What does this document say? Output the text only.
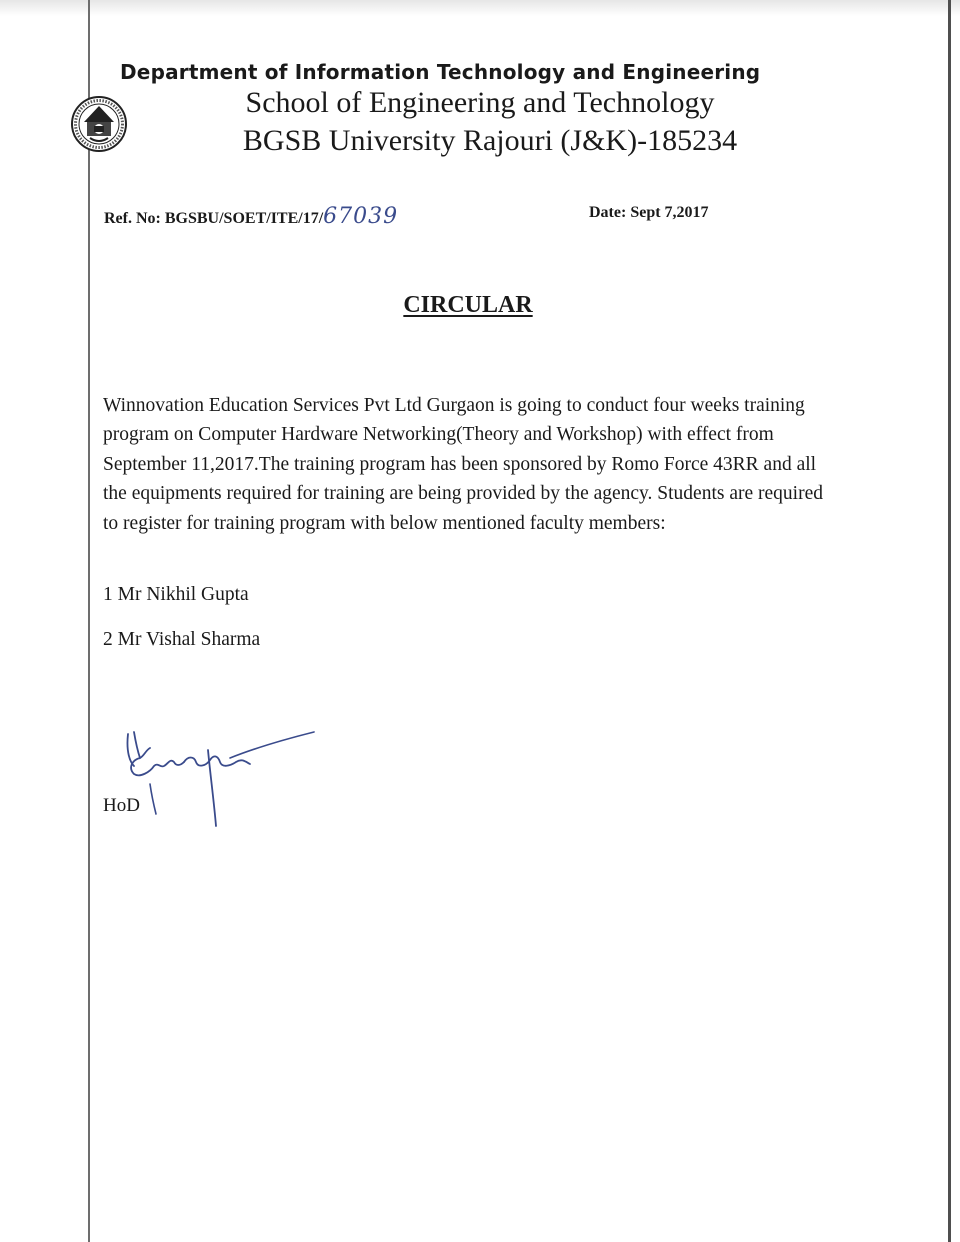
Department of Information Technology and Engineering
School of Engineering and Technology
BGSB University Rajouri (J&K)-185234
Ref. No: BGSBU/SOET/ITE/17/67039	Date: Sept 7,2017
CIRCULAR

Winnovation Education Services Pvt Ltd Gurgaon is going to conduct four weeks training program on Computer Hardware Networking(Theory and Workshop) with effect from September 11,2017.The training program has been sponsored by Romo Force 43RR and all the equipments required for training are being provided by the agency. Students are required to register for training program with below mentioned faculty members:

1 Mr Nikhil Gupta
2 Mr Vishal Sharma
HoD
